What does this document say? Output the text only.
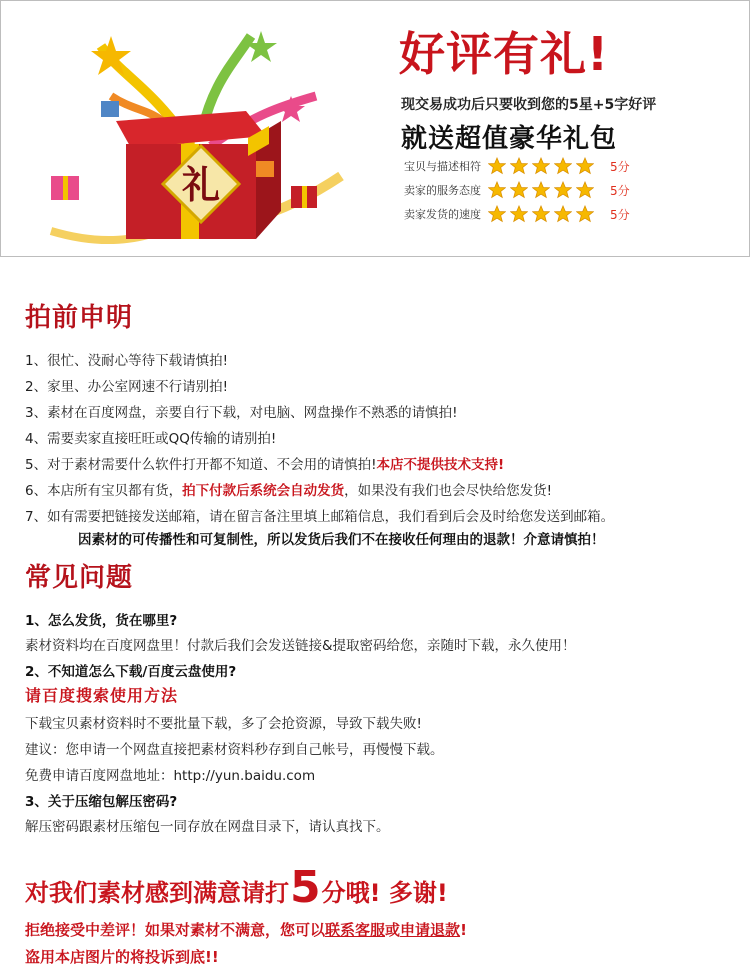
礼
好评有礼!
现交易成功后只要收到您的5星+5字好评
就送超值豪华礼包
宝贝与描述相符	5分
卖家的服务态度	5分
卖家发货的速度	5分
拍前申明
1、很忙、没耐心等待下载请慎拍!
2、家里、办公室网速不行请别拍!
3、素材在百度网盘，亲要自行下载，对电脑、网盘操作不熟悉的请慎拍!
4、需要卖家直接旺旺或QQ传输的请别拍!
5、对于素材需要什么软件打开都不知道、不会用的请慎拍!本店不提供技术支持!
6、本店所有宝贝都有货，拍下付款后系统会自动发货，如果没有我们也会尽快给您发货!
7、如有需要把链接发送邮箱，请在留言备注里填上邮箱信息，我们看到后会及时给您发送到邮箱。
因素材的可传播性和可复制性，所以发货后我们不在接收任何理由的退款！介意请慎拍！
常见问题
1、怎么发货，货在哪里?
素材资料均在百度网盘里！付款后我们会发送链接&提取密码给您，亲随时下载，永久使用！
2、不知道怎么下载/百度云盘使用?
请百度搜索使用方法
下载宝贝素材资料时不要批量下载，多了会抢资源，导致下载失败!
建议：您申请一个网盘直接把素材资料秒存到自己帐号，再慢慢下载。
免费申请百度网盘地址：http://yun.baidu.com
3、关于压缩包解压密码?
解压密码跟素材压缩包一同存放在网盘目录下，请认真找下。
对我们素材感到满意请打 5 分哦! 多谢!
拒绝接受中差评！如果对素材不满意，您可以联系客服或申请退款!
盗用本店图片的将投诉到底!!
